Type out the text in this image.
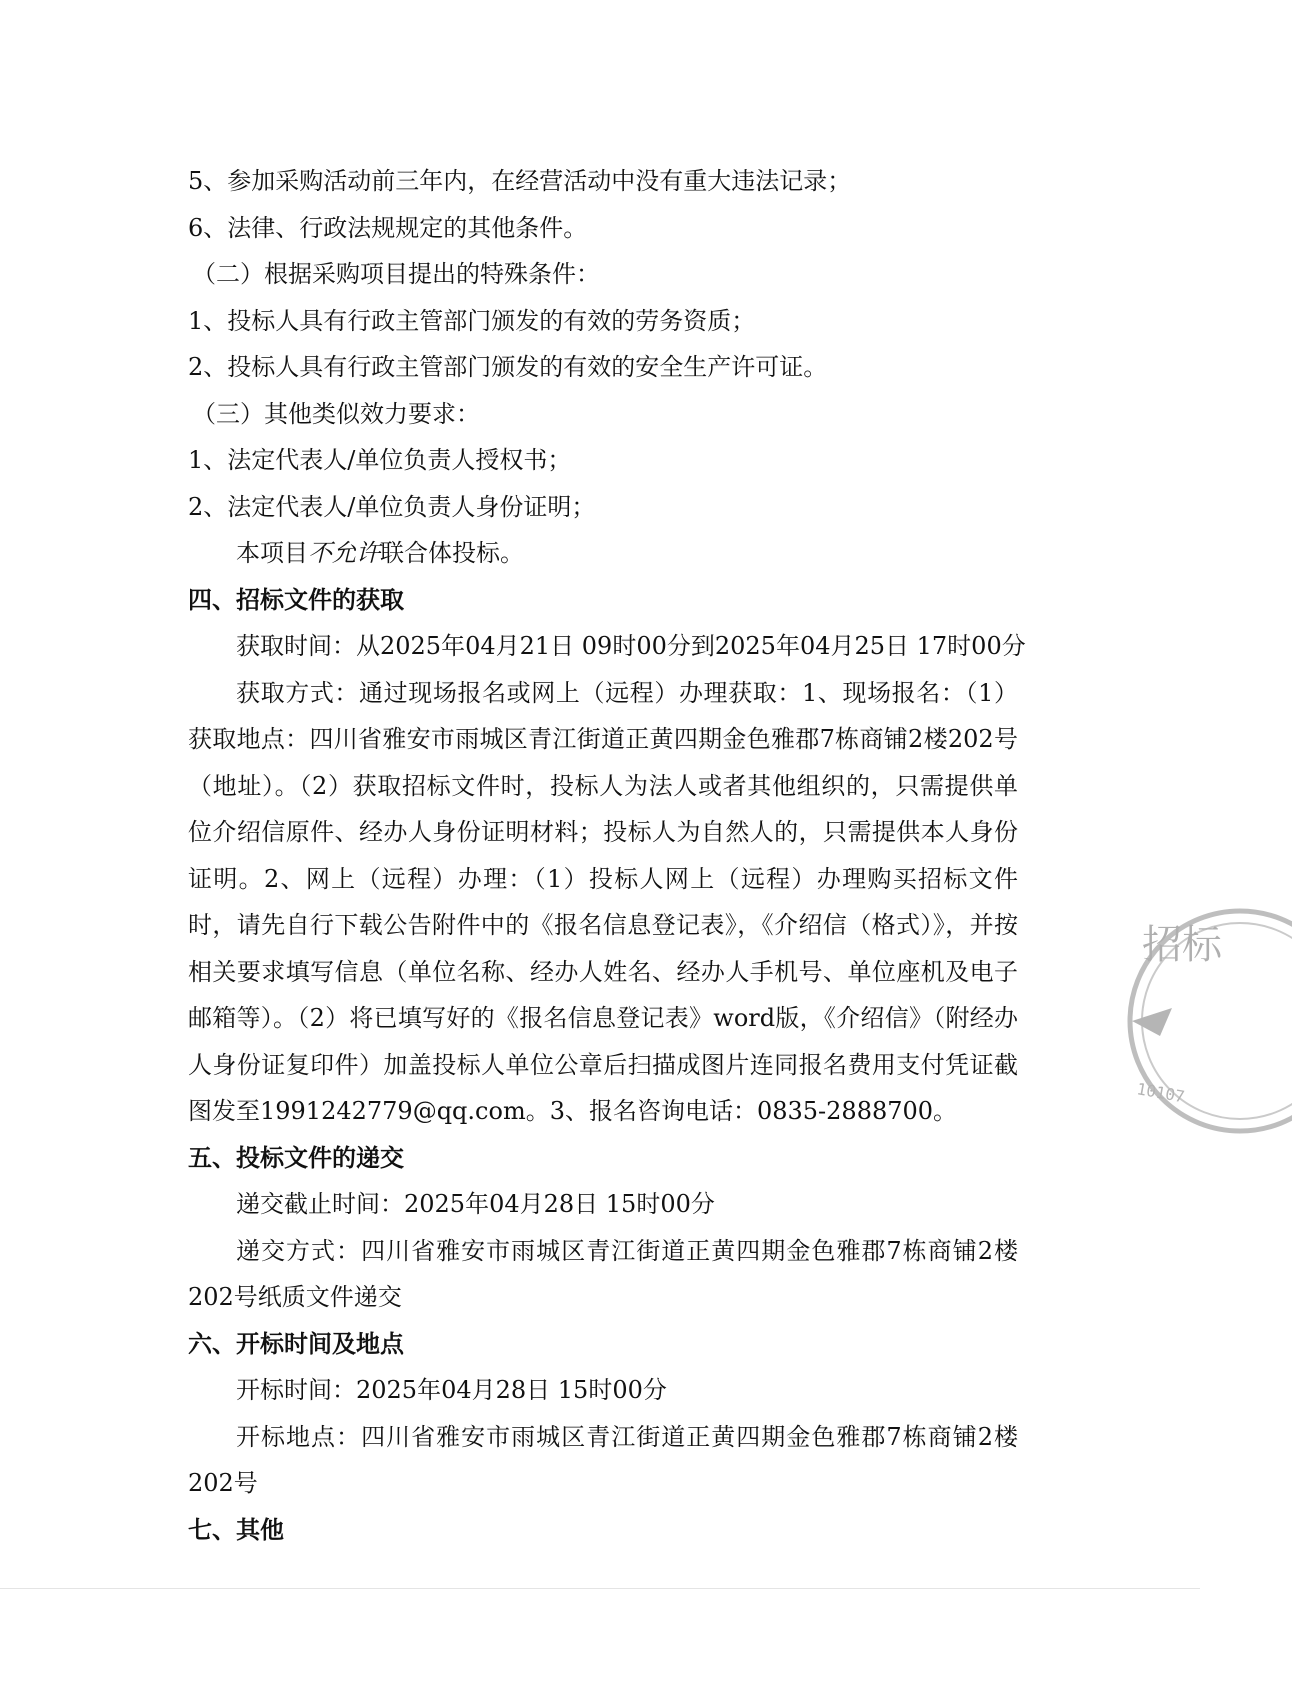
5、参加采购活动前三年内，在经营活动中没有重大违法记录；

6、法律、行政法规规定的其他条件。

（二）根据采购项目提出的特殊条件：

1、投标人具有行政主管部门颁发的有效的劳务资质；

2、投标人具有行政主管部门颁发的有效的安全生产许可证。

（三）其他类似效力要求：

1、法定代表人/单位负责人授权书；

2、法定代表人/单位负责人身份证明；

本项目不允许联合体投标。

四、招标文件的获取

获取时间：从2025年04月21日 09时00分到2025年04月25日 17时00分

获取方式：通过现场报名或网上（远程）办理获取：1、现场报名：（1）获取地点：四川省雅安市雨城区青江街道正黄四期金色雅郡7栋商铺2楼202号（地址）。（2）获取招标文件时，投标人为法人或者其他组织的，只需提供单位介绍信原件、经办人身份证明材料；投标人为自然人的，只需提供本人身份证明。2、网上（远程）办理：（1）投标人网上（远程）办理购买招标文件时，请先自行下载公告附件中的《报名信息登记表》，《介绍信（格式）》，并按相关要求填写信息（单位名称、经办人姓名、经办人手机号、单位座机及电子邮箱等）。（2）将已填写好的《报名信息登记表》word版，《介绍信》（附经办人身份证复印件）加盖投标人单位公章后扫描成图片连同报名费用支付凭证截图发至1991242779@qq.com。3、报名咨询电话：0835-2888700。

五、投标文件的递交

递交截止时间：2025年04月28日 15时00分

递交方式：四川省雅安市雨城区青江街道正黄四期金色雅郡7栋商铺2楼202号纸质文件递交

六、开标时间及地点

开标时间：2025年04月28日 15时00分

开标地点：四川省雅安市雨城区青江街道正黄四期金色雅郡7栋商铺2楼202号

七、其他

招标
10107
